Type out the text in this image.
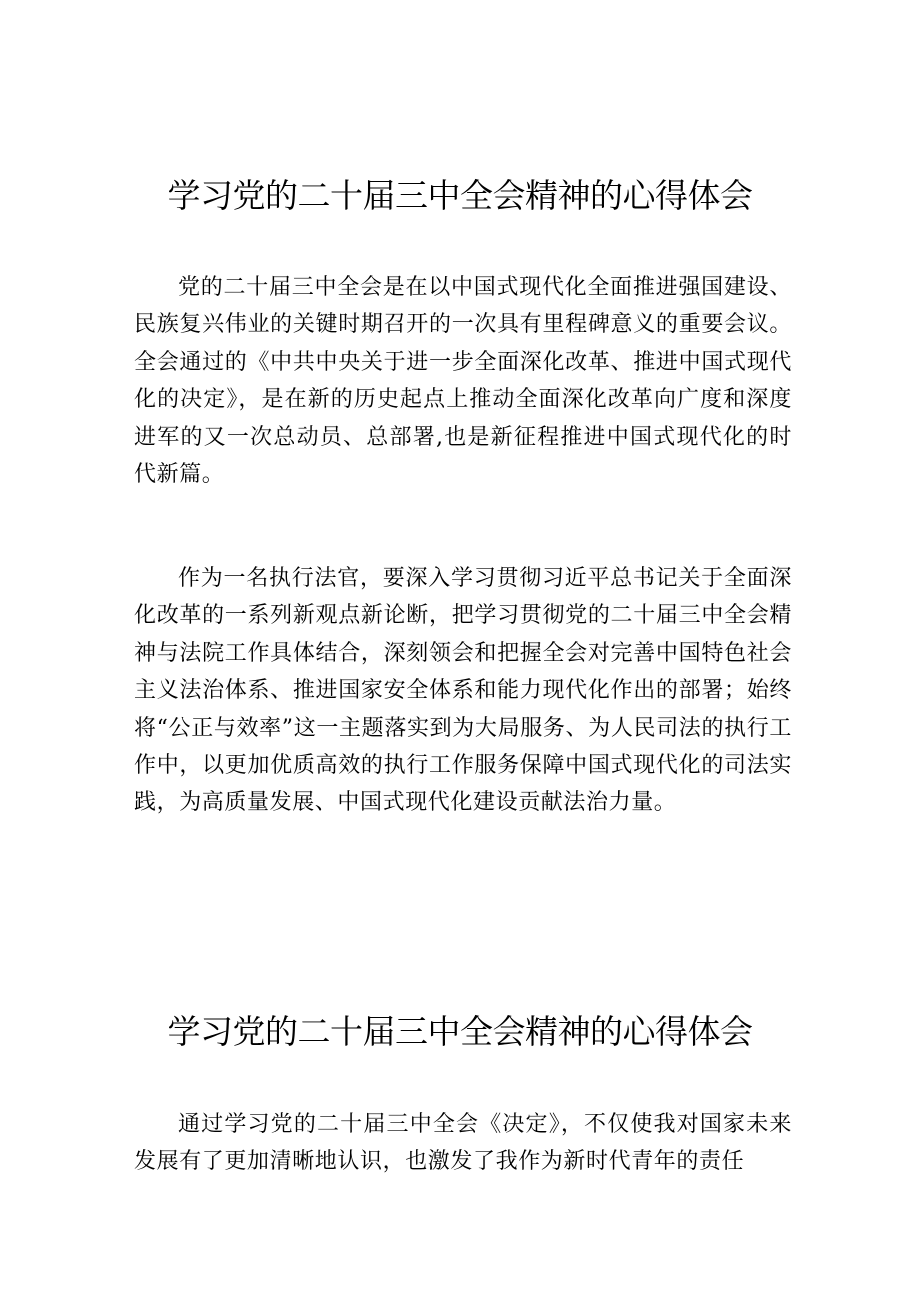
学习党的二十届三中全会精神的心得体会

党的二十届三中全会是在以中国式现代化全面推进强国建设、民族复兴伟业的关键时期召开的一次具有里程碑意义的重要会议。全会通过的《中共中央关于进一步全面深化改革、推进中国式现代化的决定》，是在新的历史起点上推动全面深化改革向广度和深度进军的又一次总动员、总部署,也是新征程推进中国式现代化的时代新篇。

作为一名执行法官，要深入学习贯彻习近平总书记关于全面深化改革的一系列新观点新论断，把学习贯彻党的二十届三中全会精神与法院工作具体结合，深刻领会和把握全会对完善中国特色社会主义法治体系、推进国家安全体系和能力现代化作出的部署；始终将“公正与效率”这一主题落实到为大局服务、为人民司法的执行工作中，以更加优质高效的执行工作服务保障中国式现代化的司法实践，为高质量发展、中国式现代化建设贡献法治力量。

学习党的二十届三中全会精神的心得体会

通过学习党的二十届三中全会《决定》，不仅使我对国家未来发展有了更加清晰地认识，也激发了我作为新时代青年的责任
